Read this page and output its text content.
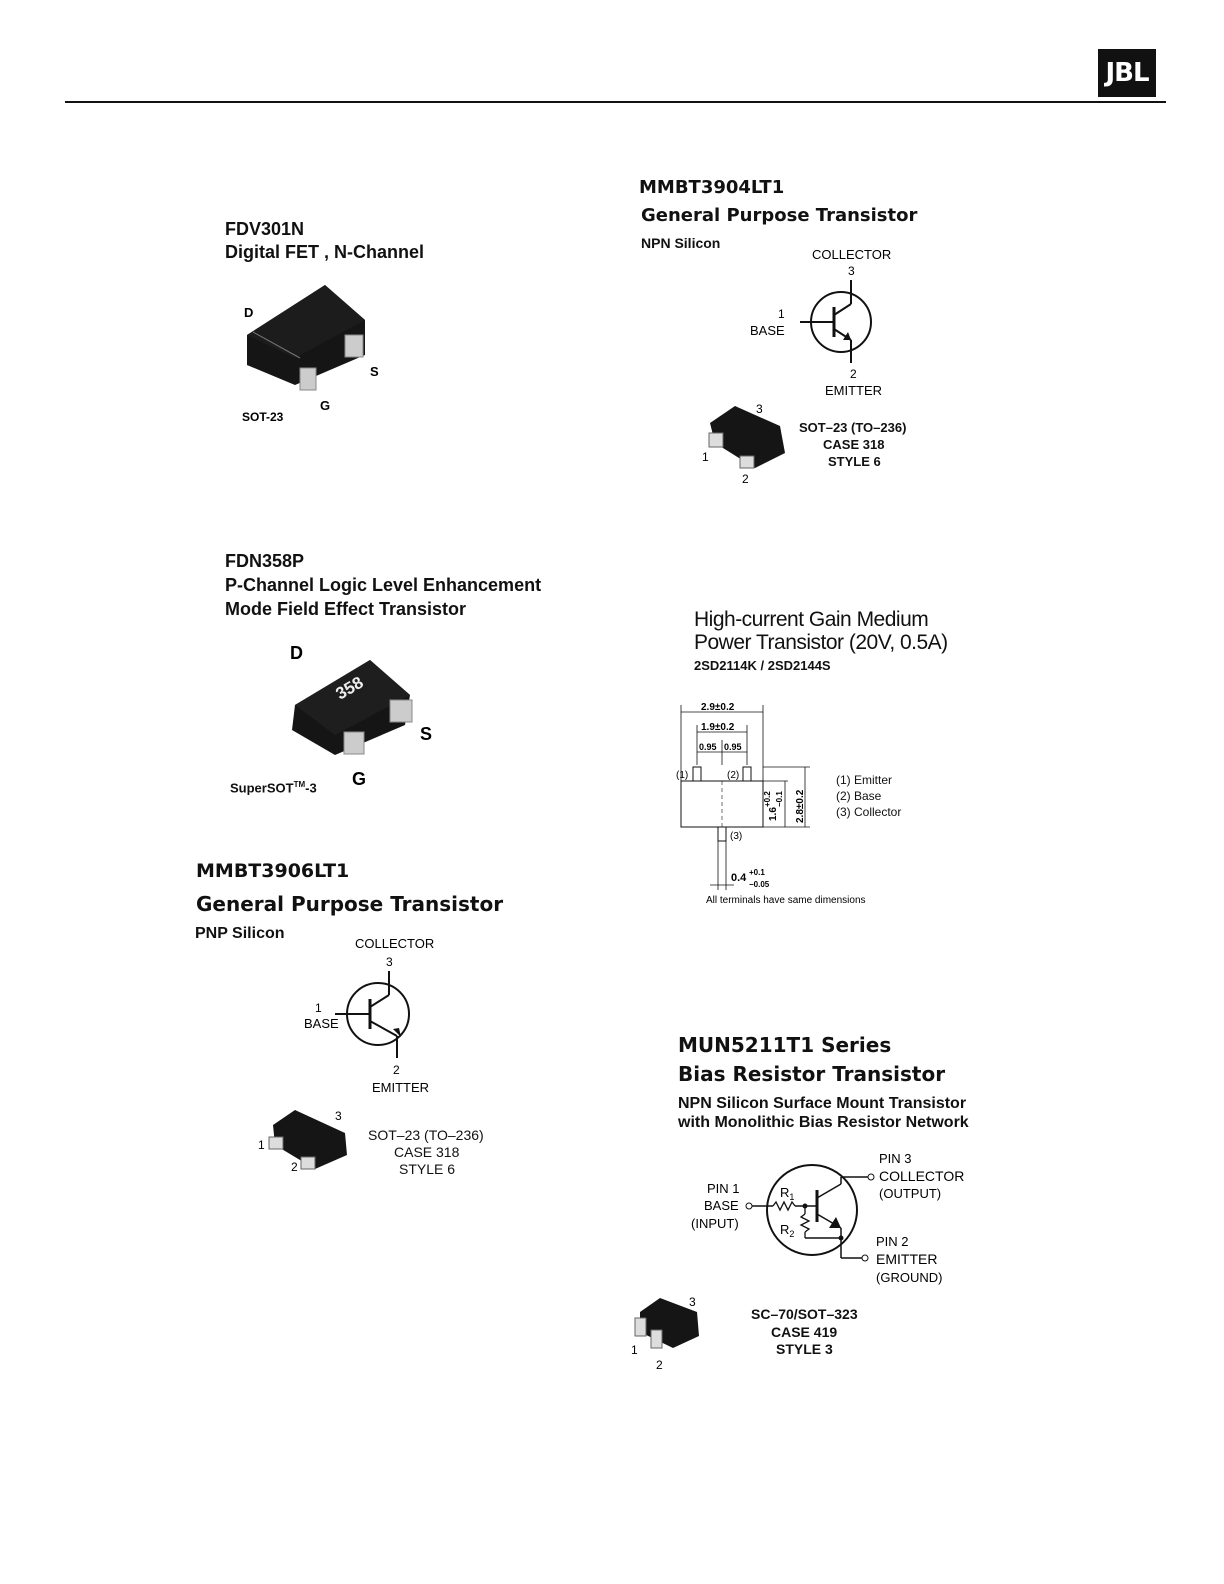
JBL
FDV301N
Digital FET , N-Channel
D
S
G
SOT-23
MMBT3904LT1
General Purpose Transistor
NPN Silicon
COLLECTOR
3
1
BASE
2
EMITTER
3
1
2
SOT–23 (TO–236)
CASE 318
STYLE 6
FDN358P
P-Channel Logic Level Enhancement
Mode Field Effect Transistor
358
D
S
G
SuperSOT™-3
High-current Gain Medium
Power Transistor (20V, 0.5A)
2SD2114K / 2SD2144S
2.9±0.2
1.9±0.2
0.95 0.95
(1)	(2)
(3)
1.6
+0.2 −0.1 2.8±0.2
0.4 +0.1
−0.05
All terminals have same dimensions
(1) Emitter
(2) Base
(3) Collector
MMBT3906LT1
General Purpose Transistor
PNP Silicon
COLLECTOR
3
1
BASE
2
EMITTER
3
1
2
SOT–23 (TO–236)
CASE 318
STYLE 6
MUN5211T1 Series
Bias Resistor Transistor
NPN Silicon Surface Mount Transistor
with Monolithic Bias Resistor Network
$R_1$
$R_2$
PIN 3
COLLECTOR
(OUTPUT)
PIN 1
BASE
(INPUT)
PIN 2
EMITTER
(GROUND)
3
1
2
SC–70/SOT–323
CASE 419
STYLE 3
